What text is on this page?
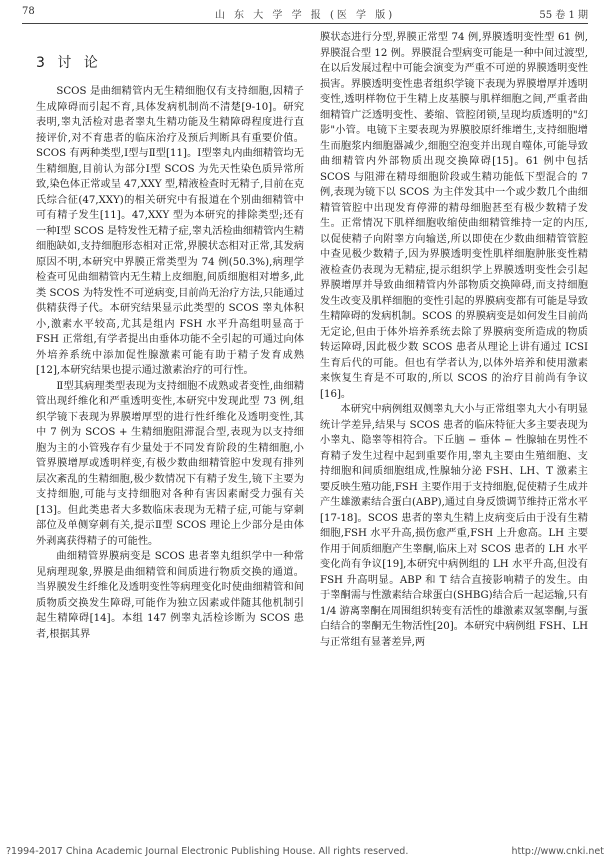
78	山 东 大 学 学 报 (医 学 版)	55 卷 1 期
3 讨 论

SCOS 是曲细精管内无生精细胞仅有支持细胞,因精子生成障碍而引起不育,具体发病机制尚不清楚[9-10]。研究表明,睾丸活检对患者睾丸生精功能及生精障碍程度进行直接评价,对不育患者的临床治疗及预后判断具有重要价值。SCOS 有两种类型,Ⅰ型与Ⅱ型[11]。Ⅰ型睾丸内曲细精管均无生精细胞,目前认为部分Ⅰ型 SCOS 为先天性染色质异常所致,染色体正常或呈 47,XXY 型,精液检查时无精子,目前在克氏综合征(47,XXY)的相关研究中有报道在个别曲细精管中可有精子发生[11]。47,XXY 型为本研究的排除类型;还有一种Ⅰ型 SCOS 是特发性无精子症,睾丸活检曲细精管内生精细胞缺如,支持细胞形态相对正常,界膜状态相对正常,其发病原因不明,本研究中界膜正常类型为 74 例(50.3%),病理学检查可见曲细精管内无生精上皮细胞,间质细胞相对增多,此类 SCOS 为特发性不可逆病变,目前尚无治疗方法,只能通过供精获得子代。本研究结果显示此类型的 SCOS 睾丸体积小,激素水平较高,尤其是组内 FSH 水平升高组明显高于 FSH 正常组,有学者提出由垂体功能不全引起的可通过向体外培养系统中添加促性腺激素可能有助于精子发育成熟[12],本研究结果也提示通过激素治疗的可行性。

Ⅱ型其病理类型表现为支持细胞不成熟或者变性,曲细精管出现纤维化和严重透明变性,本研究中发现此型 73 例,组织学镜下表现为界膜增厚型的进行性纤维化及透明变性,其中 7 例为 SCOS + 生精细胞阻滞混合型,表现为以支持细胞为主的小管残存有少量处于不同发育阶段的生精细胞,小管界膜增厚或透明样变,有极少数曲细精管腔中发现有排列层次紊乱的生精细胞,极少数情况下有精子发生,镜下主要为支持细胞,可能与支持细胞对各种有害因素耐受力强有关[13]。但此类患者大多数临床表现为无精子症,可能与穿刺部位及单侧穿刺有关,提示Ⅱ型 SCOS 理论上少部分是由体外剥离获得精子的可能性。

曲细精管界膜病变是 SCOS 患者睾丸组织学中一种常见病理现象,界膜是曲细精管和间质进行物质交换的通道。当界膜发生纤维化及透明变性等病理变化时使曲细精管和间质物质交换发生障碍,可能作为独立因素或伴随其他机制引起生精障碍[14]。本组 147 例睾丸活检诊断为 SCOS 患者,根据其界

膜状态进行分型,界膜正常型 74 例,界膜透明变性型 61 例,界膜混合型 12 例。界膜混合型病变可能是一种中间过渡型,在以后发展过程中可能会演变为严重不可逆的界膜透明变性损害。界膜透明变性患者组织学镜下表现为界膜增厚并透明变性,透明样物位于生精上皮基膜与肌样细胞之间,严重者曲细精管广泛透明变性、萎缩、管腔闭锁,呈现均质透明的"幻影"小管。电镜下主要表现为界膜胶原纤维增生,支持细胞增生而胞浆内细胞器减少,细胞空泡变并出现自噬体,可能导致曲细精管内外部物质出现交换障碍[15]。61 例中包括 SCOS 与阻滞在精母细胞阶段或生精功能低下型混合的 7 例,表现为镜下以 SCOS 为主伴发其中一个或少数几个曲细精管管腔中出现发育停滞的精母细胞甚至有极少数精子发生。正常情况下肌样细胞收缩使曲细精管维持一定的内压,以促使精子向附睾方向输送,所以即使在少数曲细精管管腔中查见极少数精子,因为界膜透明变性肌样细胞肿胀变性精液检查仍表现为无精症,提示组织学上界膜透明变性会引起界膜增厚并导致曲细精管内外部物质交换障碍,而支持细胞发生改变及肌样细胞的变性引起的界膜病变都有可能是导致生精障碍的发病机制。SCOS 的界膜病变是如何发生目前尚无定论,但由于体外培养系统去除了界膜病变所造成的物质转运障碍,因此极少数 SCOS 患者从理论上讲有通过 ICSI 生育后代的可能。但也有学者认为,以体外培养和使用激素来恢复生育是不可取的,所以 SCOS 的治疗目前尚有争议[16]。

本研究中病例组双侧睾丸大小与正常组睾丸大小有明显统计学差异,结果与 SCOS 患者的临床特征大多主要表现为小睾丸、隐睾等相符合。下丘脑 − 垂体 − 性腺轴在男性不育精子发生过程中起到重要作用,睾丸主要由生殖细胞、支持细胞和间质细胞组成,性腺轴分泌 FSH、LH、T 激素主要反映生殖功能,FSH 主要作用于支持细胞,促使精子生成并产生雄激素结合蛋白(ABP),通过自身反馈调节维持正常水平[17-18]。SCOS 患者的睾丸生精上皮病变后由于没有生精细胞,FSH 水平升高,损伤愈严重,FSH 上升愈高。LH 主要作用于间质细胞产生睾酮,临床上对 SCOS 患者的 LH 水平变化尚有争议[19],本研究中病例组的 LH 水平升高,但没有 FSH 升高明显。ABP 和 T 结合直接影响精子的发生。由于睾酮需与性激素结合球蛋白(SHBG)结合后一起运输,只有 1/4 游离睾酮在周围组织转变有活性的雄激素双氢睾酮,与蛋白结合的睾酮无生物活性[20]。本研究中病例组 FSH、LH 与正常组有显著差异,两

?1994-2017 China Academic Journal Electronic Publishing House. All rights reserved.	http://www.cnki.net
